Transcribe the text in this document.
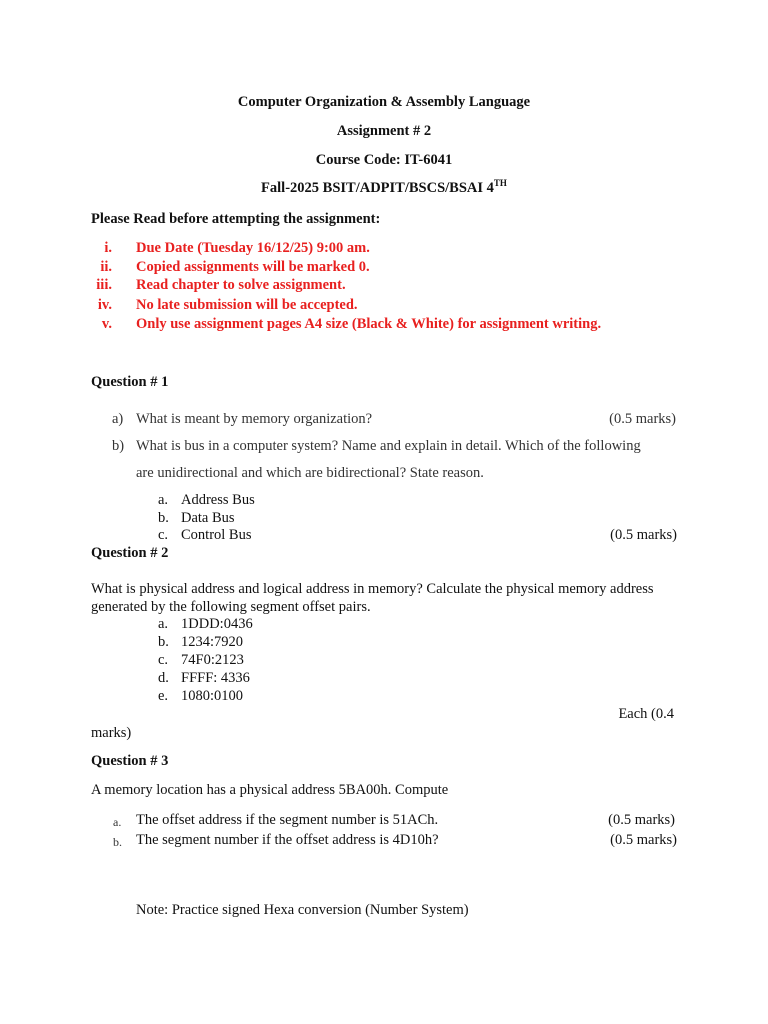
Computer Organization & Assembly Language
Assignment # 2
Course Code: IT-6041
Fall-2025 BSIT/ADPIT/BSCS/BSAI 4TH
Please Read before attempting the assignment:
i. Due Date (Tuesday 16/12/25) 9:00 am.
ii. Copied assignments will be marked 0.
iii. Read chapter to solve assignment.
iv. No late submission will be accepted.
v. Only use assignment pages A4 size (Black & White) for assignment writing.
Question # 1
a) What is meant by memory organization?	(0.5 marks)
b) What is bus in a computer system? Name and explain in detail. Which of the following
are unidirectional and which are bidirectional? State reason.
a. Address Bus
b. Data Bus
c. Control Bus	(0.5 marks)
Question # 2
What is physical address and logical address in memory? Calculate the physical memory address
generated by the following segment offset pairs.
a. 1DDD:0436
b. 1234:7920
c. 74F0:2123
d. FFFF: 4336
e. 1080:0100
Each (0.4
marks)
Question # 3
A memory location has a physical address 5BA00h. Compute
a. The offset address if the segment number is 51ACh.	(0.5 marks)
b. The segment number if the offset address is 4D10h?	(0.5 marks)
Note: Practice signed Hexa conversion (Number System)
